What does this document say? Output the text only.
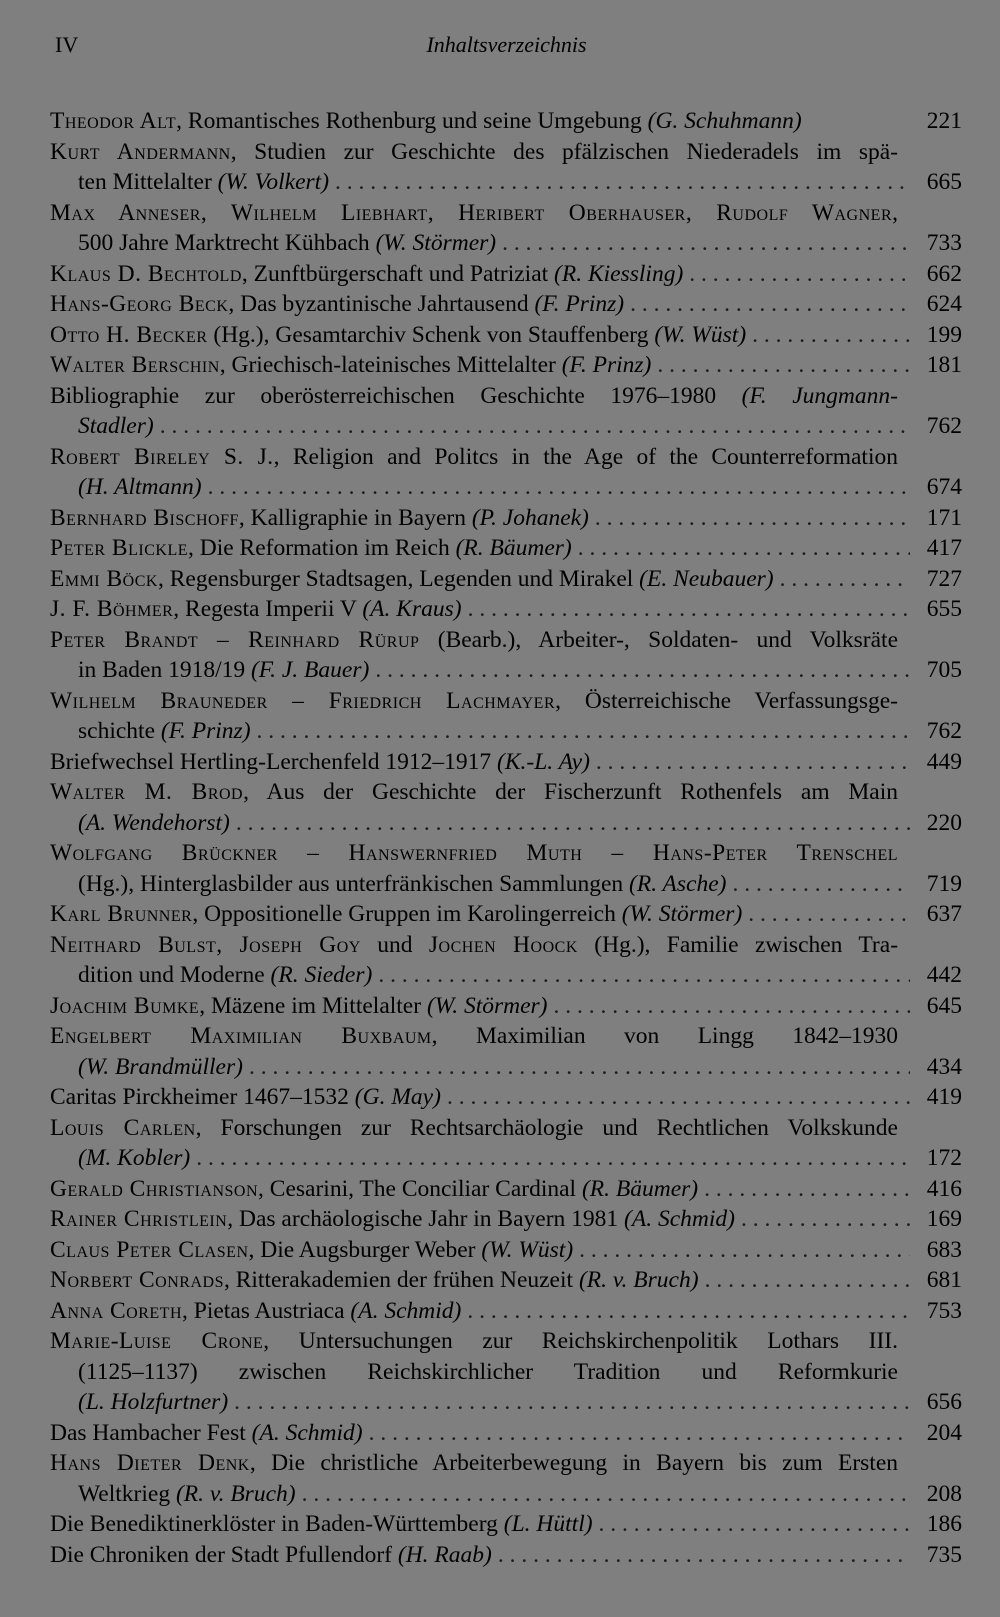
IV	Inhaltsverzeichnis
Theodor Alt, Romantisches Rothenburg und seine Umgebung (G. Schuhmann)	221
Kurt Andermann, Studien zur Geschichte des pfälzischen Niederadels im spä-
ten Mittelalter (W. Volkert) . . .	665
Max Anneser, Wilhelm Liebhart, Heribert Oberhauser, Rudolf Wagner,
500 Jahre Marktrecht Kühbach (W. Störmer) . . .	733
Klaus D. Bechtold, Zunftbürgerschaft und Patriziat (R. Kiessling) . . .	662
Hans-Georg Beck, Das byzantinische Jahrtausend (F. Prinz) . . .	624
Otto H. Becker (Hg.), Gesamtarchiv Schenk von Stauffenberg (W. Wüst) . . .	199
Walter Berschin, Griechisch-lateinisches Mittelalter (F. Prinz) . . .	181
Bibliographie zur oberösterreichischen Geschichte 1976–1980 (F. Jungmann-
Stadler) . . .	762
Robert Bireley S. J., Religion and Politcs in the Age of the Counterreformation
(H. Altmann) . . .	674
Bernhard Bischoff, Kalligraphie in Bayern (P. Johanek) . . .	171
Peter Blickle, Die Reformation im Reich (R. Bäumer) . . .	417
Emmi Böck, Regensburger Stadtsagen, Legenden und Mirakel (E. Neubauer) . . .	727
J. F. Böhmer, Regesta Imperii V (A. Kraus) . . .	655
Peter Brandt – Reinhard Rürup (Bearb.), Arbeiter-, Soldaten- und Volksräte
in Baden 1918/19 (F. J. Bauer) . . .	705
Wilhelm Brauneder – Friedrich Lachmayer, Österreichische Verfassungsge-
schichte (F. Prinz) . . .	762
Briefwechsel Hertling-Lerchenfeld 1912–1917 (K.-L. Ay) . . .	449
Walter M. Brod, Aus der Geschichte der Fischerzunft Rothenfels am Main
(A. Wendehorst) . . .	220
Wolfgang Brückner – Hanswernfried Muth – Hans-Peter Trenschel
(Hg.), Hinterglasbilder aus unterfränkischen Sammlungen (R. Asche) . . .	719
Karl Brunner, Oppositionelle Gruppen im Karolingerreich (W. Störmer) . . .	637
Neithard Bulst, Joseph Goy und Jochen Hoock (Hg.), Familie zwischen Tra-
dition und Moderne (R. Sieder) . . .	442
Joachim Bumke, Mäzene im Mittelalter (W. Störmer) . . .	645
Engelbert Maximilian Buxbaum, Maximilian von Lingg 1842–1930
(W. Brandmüller) . . .	434
Caritas Pirckheimer 1467–1532 (G. May) . . .	419
Louis Carlen, Forschungen zur Rechtsarchäologie und Rechtlichen Volkskunde
(M. Kobler) . . .	172
Gerald Christianson, Cesarini, The Conciliar Cardinal (R. Bäumer) . . .	416
Rainer Christlein, Das archäologische Jahr in Bayern 1981 (A. Schmid) . . .	169
Claus Peter Clasen, Die Augsburger Weber (W. Wüst) . . .	683
Norbert Conrads, Ritterakademien der frühen Neuzeit (R. v. Bruch) . . .	681
Anna Coreth, Pietas Austriaca (A. Schmid) . . .	753
Marie-Luise Crone, Untersuchungen zur Reichskirchenpolitik Lothars III.
(1125–1137) zwischen Reichskirchlicher Tradition und Reformkurie
(L. Holzfurtner) . . .	656
Das Hambacher Fest (A. Schmid) . . .	204
Hans Dieter Denk, Die christliche Arbeiterbewegung in Bayern bis zum Ersten
Weltkrieg (R. v. Bruch) . . .	208
Die Benediktinerklöster in Baden-Württemberg (L. Hüttl) . . .	186
Die Chroniken der Stadt Pfullendorf (H. Raab) . . .	735
